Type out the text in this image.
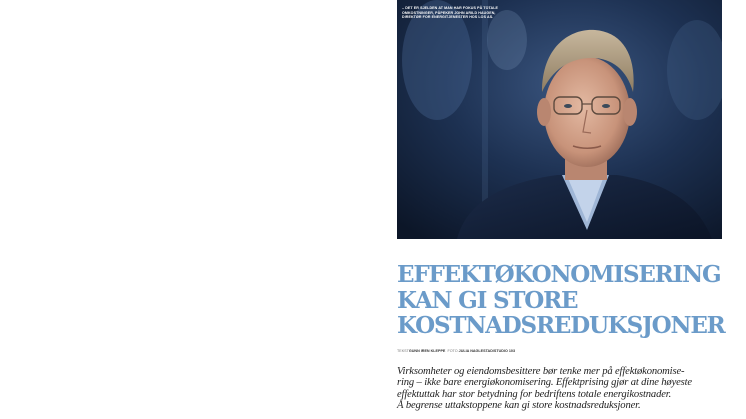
– DET ER SJELDEN AT MAN HAR FOKUS PÅ TOTALE OMKOSTNINGER, PÅPEKER JOHN ARILD HAUGEN, DIREKTØR FOR ENERGITJENESTER HOS LOS AS.
EFFEKTØKONOMISERING
KAN GI STORE
KOSTNADSREDUKSJONER
TEKSTGUNN IREN KLEPPE FOTO JULIA NAGLESTAD/STUDIO 103

Virksomheter og eiendomsbesittere bør tenke mer på effektøkonomise-
ring – ikke bare energiøkonomisering. Effektprising gjør at dine høyeste
effektuttak har stor betydning for bedriftens totale energikostnader.
Å begrense uttakstoppene kan gi store kostnadsreduksjoner.
